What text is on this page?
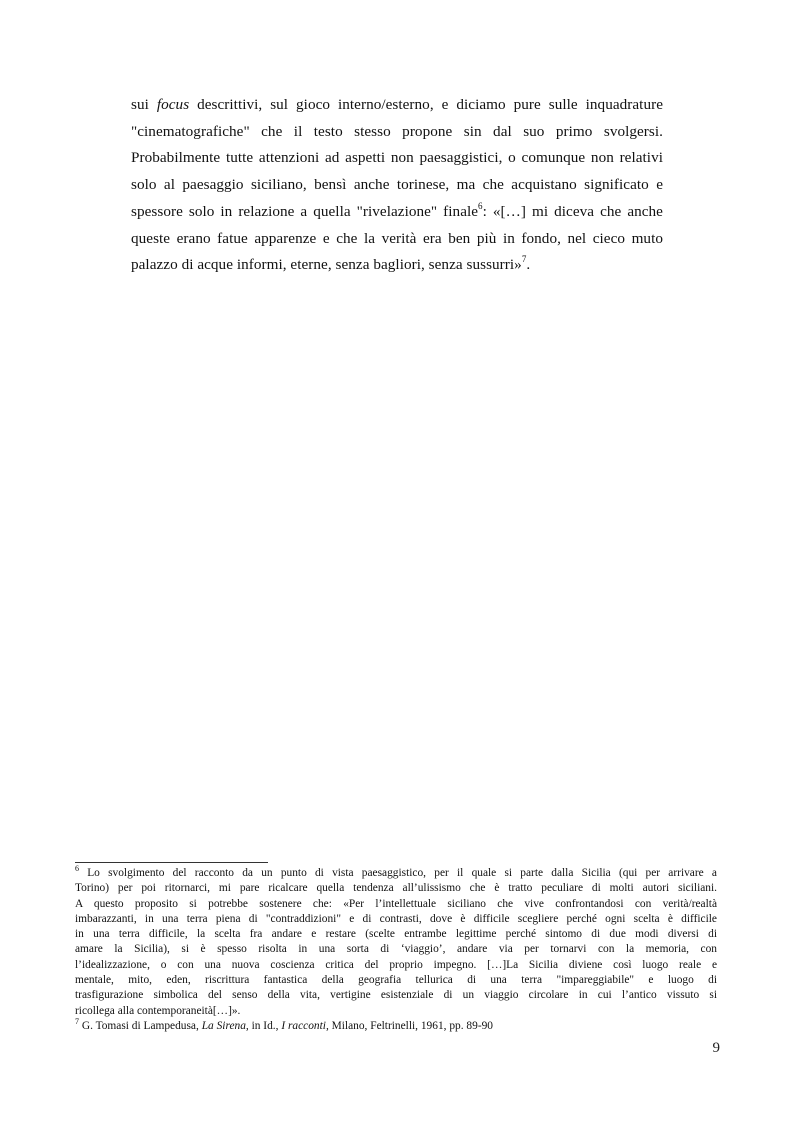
sui focus descrittivi, sul gioco interno/esterno, e diciamo pure sulle inquadrature
"cinematografiche" che il testo stesso propone sin dal suo primo svolgersi.
Probabilmente tutte attenzioni ad aspetti non paesaggistici, o comunque non relativi
solo al paesaggio siciliano, bensì anche torinese, ma che acquistano significato e
spessore solo in relazione a quella "rivelazione" finale$^6$: «[…] mi diceva che anche
queste erano fatue apparenze e che la verità era ben più in fondo, nel cieco muto
palazzo di acque informi, eterne, senza bagliori, senza sussurri»$^7$.
$^6$ Lo svolgimento del racconto da un punto di vista paesaggistico, per il quale si parte dalla Sicilia (qui per arrivare a
Torino) per poi ritornarci, mi pare ricalcare quella tendenza all’ulissismo che è tratto peculiare di molti autori siciliani.
A questo proposito si potrebbe sostenere che: «Per l’intellettuale siciliano che vive confrontandosi con verità/realtà
imbarazzanti, in una terra piena di "contraddizioni" e di contrasti, dove è difficile scegliere perché ogni scelta è difficile
in una terra difficile, la scelta fra andare e restare (scelte entrambe legittime perché sintomo di due modi diversi di
amare la Sicilia), si è spesso risolta in una sorta di ‘viaggio’, andare via per tornarvi con la memoria, con
l’idealizzazione, o con una nuova coscienza critica del proprio impegno. […]La Sicilia diviene così luogo reale e
mentale, mito, eden, riscrittura fantastica della geografia tellurica di una terra "impareggiabile" e luogo di
trasfigurazione simbolica del senso della vita, vertigine esistenziale di un viaggio circolare in cui l’antico vissuto si
ricollega alla contemporaneità[…]».
$^7$ G. Tomasi di Lampedusa, La Sirena, in Id., I racconti, Milano, Feltrinelli, 1961, pp. 89-90
9
